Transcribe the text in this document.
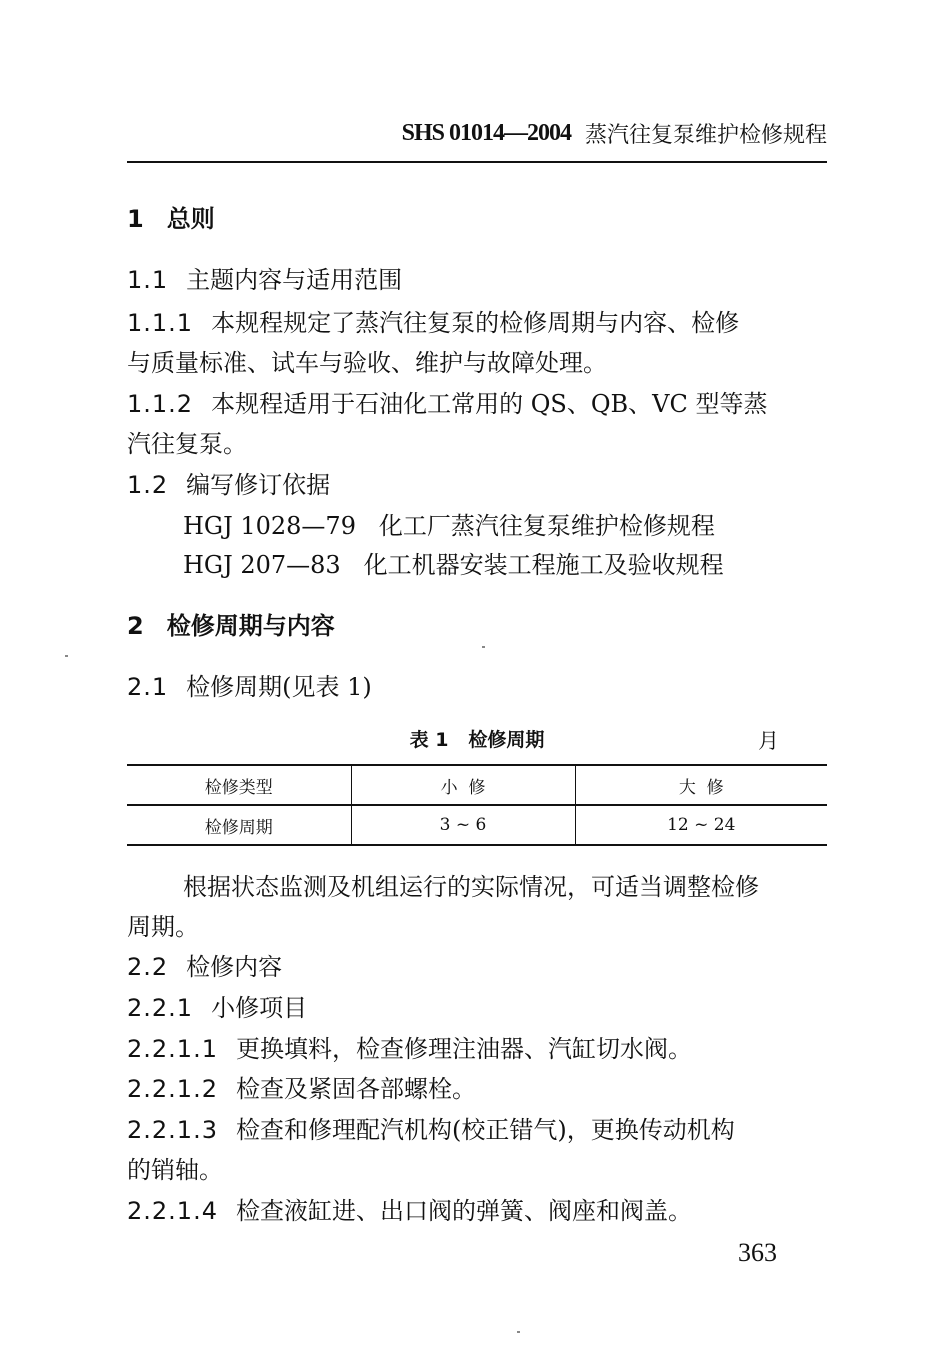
SHS 01014—2004 蒸汽往复泵维护检修规程
1 总则
1.1 主题内容与适用范围
1.1.1 本规程规定了蒸汽往复泵的检修周期与内容、检修
与质量标准、试车与验收、维护与故障处理。
1.1.2 本规程适用于石油化工常用的 QS、QB、VC 型等蒸
汽往复泵。
1.2 编写修订依据
HGJ 1028—79   化工厂蒸汽往复泵维护检修规程
HGJ 207—83   化工机器安装工程施工及验收规程
2 检修周期与内容
2.1 检修周期(见表 1)
表 1   检修周期	月
检修类型	小  修	大  修
检修周期	3 ~ 6	12 ~ 24
根据状态监测及机组运行的实际情况，可适当调整检修
周期。
2.2 检修内容
2.2.1 小修项目
2.2.1.1 更换填料，检查修理注油器、汽缸切水阀。
2.2.1.2 检查及紧固各部螺栓。
2.2.1.3 检查和修理配汽机构(校正错气)，更换传动机构
的销轴。
2.2.1.4 检查液缸进、出口阀的弹簧、阀座和阀盖。
363
